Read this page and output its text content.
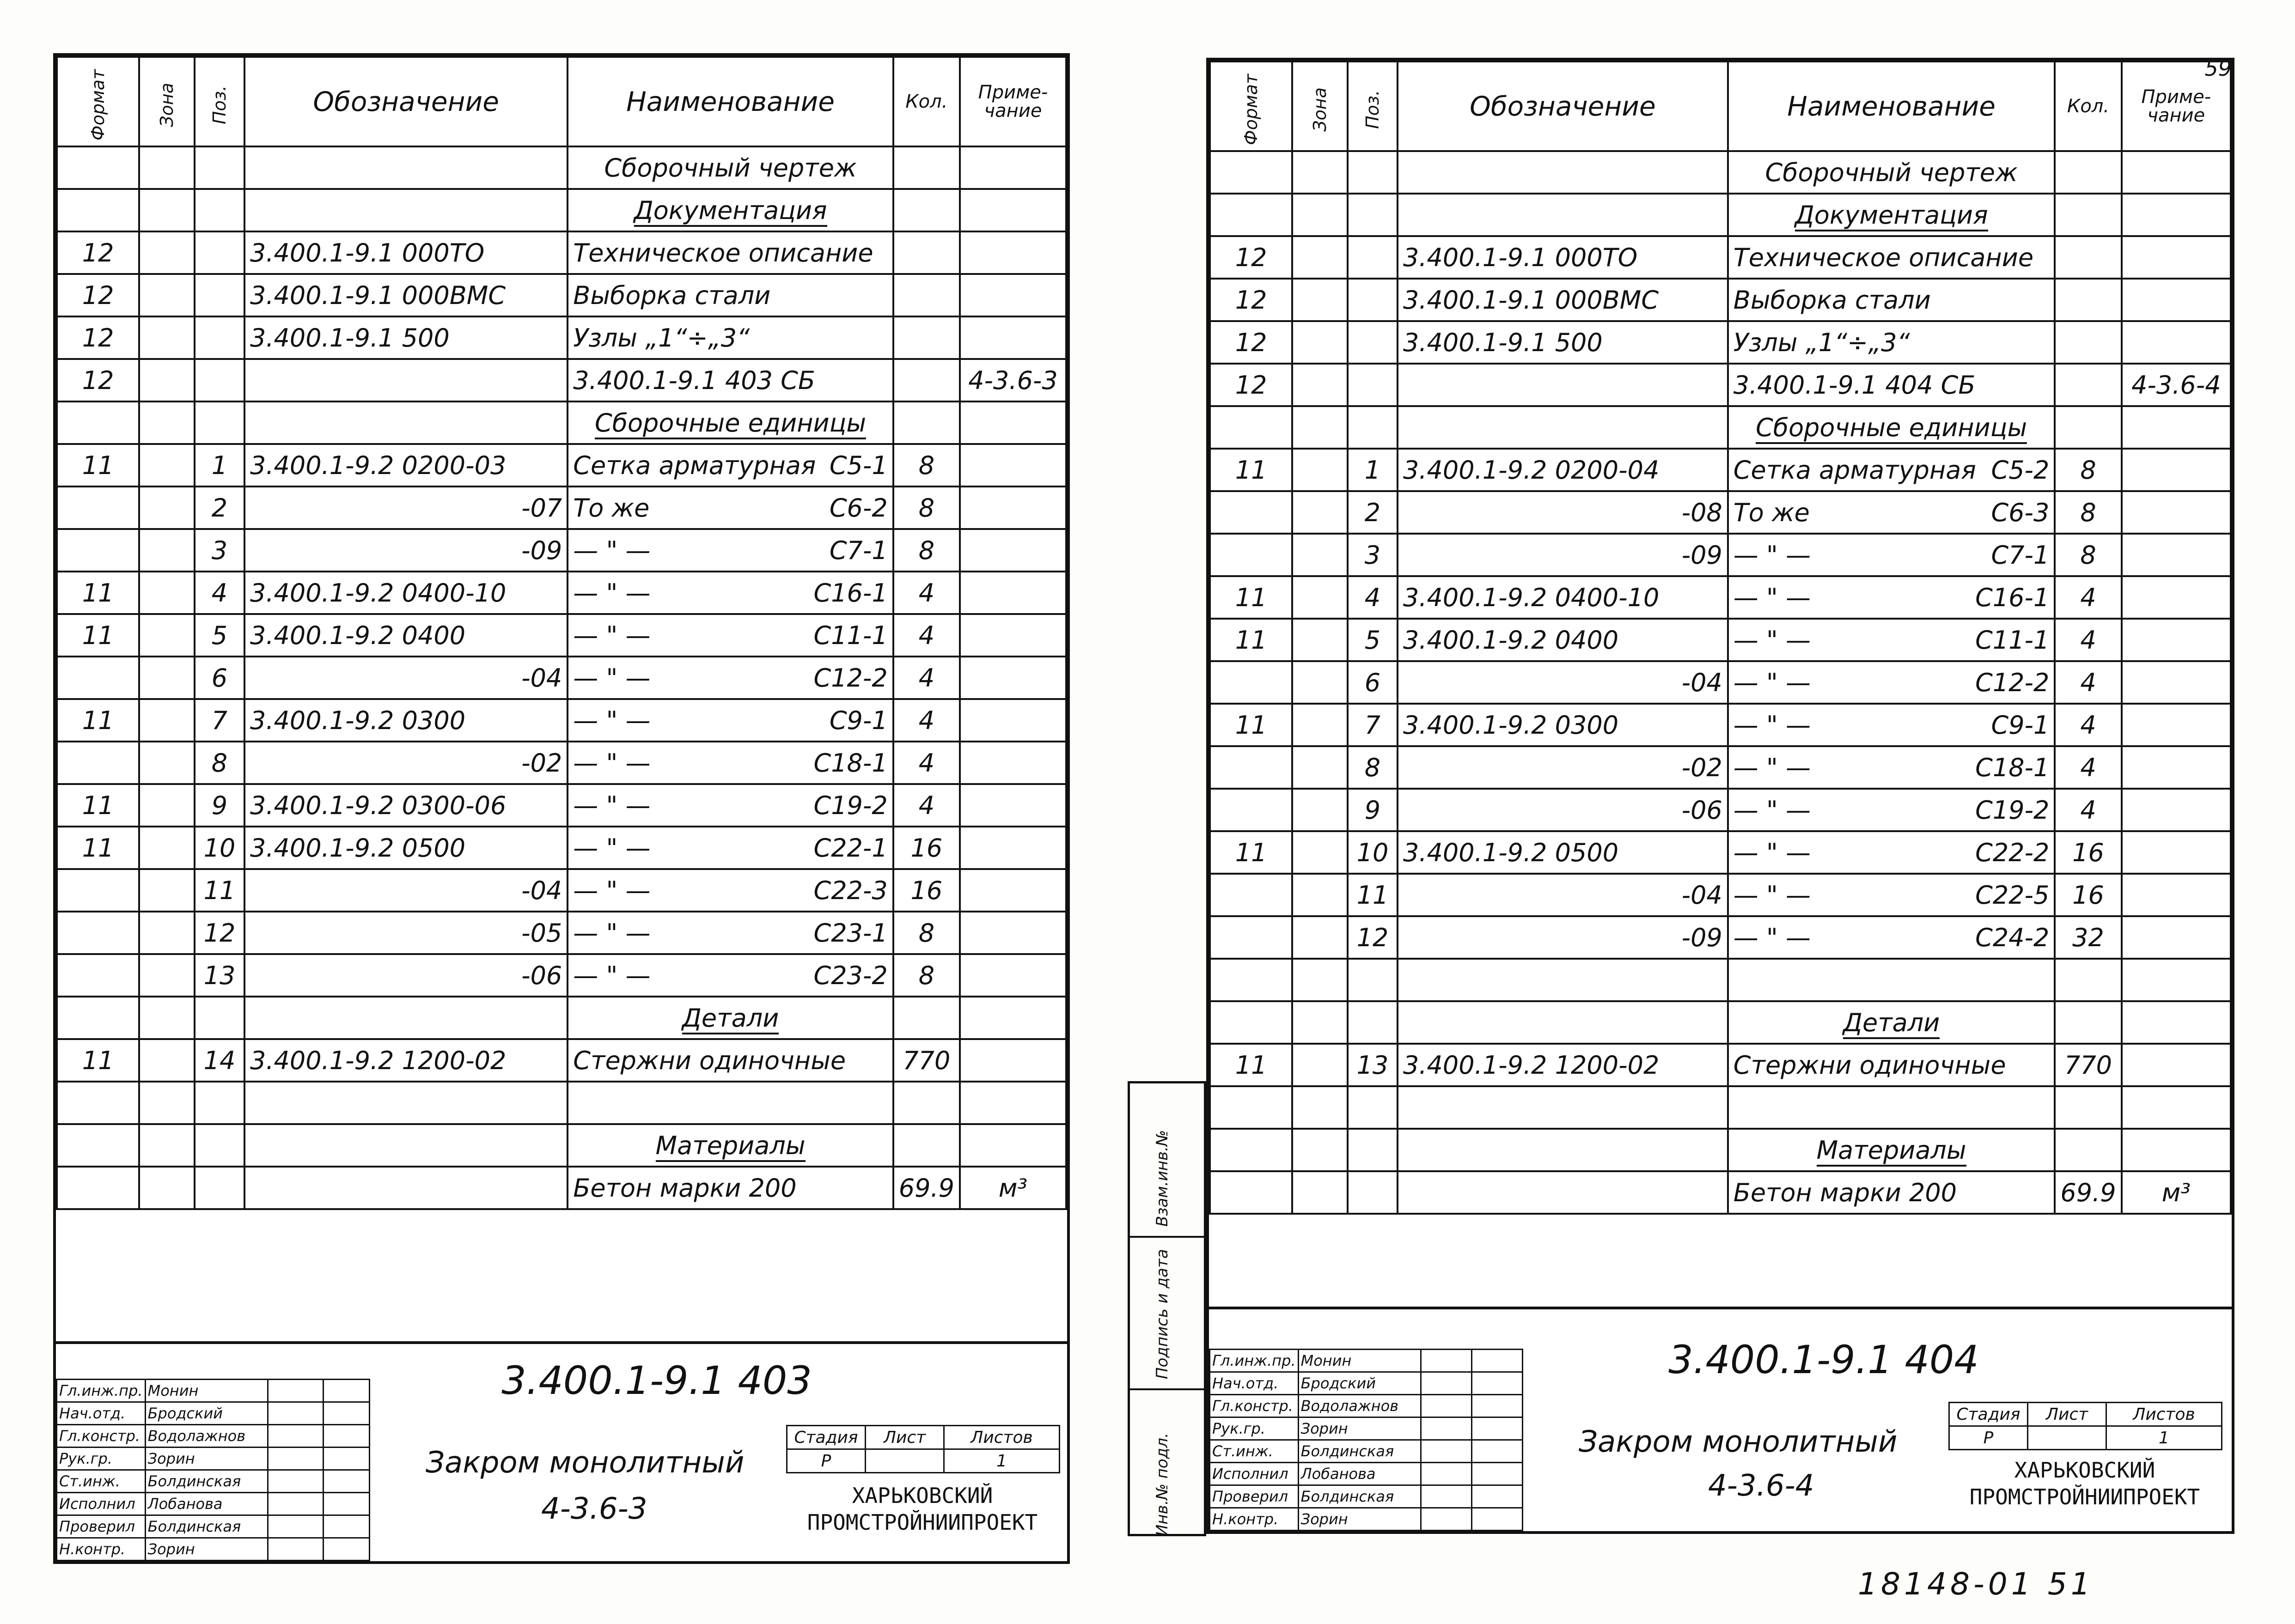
Формат	Зона	Поз.	Обозначение	Наименование	Кол.	Приме-чание
				Сборочный чертеж		
				Документация		
12			3.400.1-9.1 000ТО	Техническое описание		
12			3.400.1-9.1 000ВМС	Выборка стали		
12			3.400.1-9.1 500	Узлы „1“÷„3“		
12				3.400.1-9.1 403 СБ		4-3.6-3
				Сборочные единицы		
11		1	3.400.1-9.2 0200-03	Сетка арматурная С5-1	8	
		2	-07	То же С6-2	8	
		3	-09	— " — С7-1	8	
11		4	3.400.1-9.2 0400-10	— " — С16-1	4	
11		5	3.400.1-9.2 0400	— " — С11-1	4	
		6	-04	— " — С12-2	4	
11		7	3.400.1-9.2 0300	— " — С9-1	4	
		8	-02	— " — С18-1	4	
11		9	3.400.1-9.2 0300-06	— " — С19-2	4	
11		10	3.400.1-9.2 0500	— " — С22-1	16	
		11	-04	— " — С22-3	16	
		12	-05	— " — С23-1	8	
		13	-06	— " — С23-2	8	
				Детали		
11		14	3.400.1-9.2 1200-02	Стержни одиночные	770	

				Материалы		
				Бетон марки 200	69.9	м³
Гл.инж.пр.	Монин		
Нач.отд.	Бродский		
Гл.констр.	Водолажнов		
Рук.гр.	Зорин		
Ст.инж.	Болдинская		
Исполнил	Лобанова		
Проверил	Болдинская		
Н.контр.	Зорин		
3.400.1-9.1 403
Закром монолитный
4-3.6-3
Стадия	Лист	Листов
Р		1
ХАРЬКОВСКИЙ ПРОМСТРОЙНИИПРОЕКТ	Инв.№ подл.
Подпись и дата
Взам.инв.№
59
Формат	Зона	Поз.	Обозначение	Наименование	Кол.	Приме-чание
				Сборочный чертеж		
				Документация		
12			3.400.1-9.1 000ТО	Техническое описание		
12			3.400.1-9.1 000ВМС	Выборка стали		
12			3.400.1-9.1 500	Узлы „1“÷„3“		
12				3.400.1-9.1 404 СБ		4-3.6-4
				Сборочные единицы		
11		1	3.400.1-9.2 0200-04	Сетка арматурная С5-2	8	
		2	-08	То же С6-3	8	
		3	-09	— " — С7-1	8	
11		4	3.400.1-9.2 0400-10	— " — С16-1	4	
11		5	3.400.1-9.2 0400	— " — С11-1	4	
		6	-04	— " — С12-2	4	
11		7	3.400.1-9.2 0300	— " — С9-1	4	
		8	-02	— " — С18-1	4	
		9	-06	— " — С19-2	4	
11		10	3.400.1-9.2 0500	— " — С22-2	16	
		11	-04	— " — С22-5	16	
		12	-09	— " — С24-2	32	

				Детали		
11		13	3.400.1-9.2 1200-02	Стержни одиночные	770	

				Материалы		
				Бетон марки 200	69.9	м³
Гл.инж.пр.	Монин		
Нач.отд.	Бродский		
Гл.констр.	Водолажнов		
Рук.гр.	Зорин		
Ст.инж.	Болдинская		
Исполнил	Лобанова		
Проверил	Болдинская		
Н.контр.	Зорин		
3.400.1-9.1 404
Закром монолитный
4-3.6-4
Стадия	Лист	Листов
Р		1
ХАРЬКОВСКИЙ ПРОМСТРОЙНИИПРОЕКТ
18148-01 51
